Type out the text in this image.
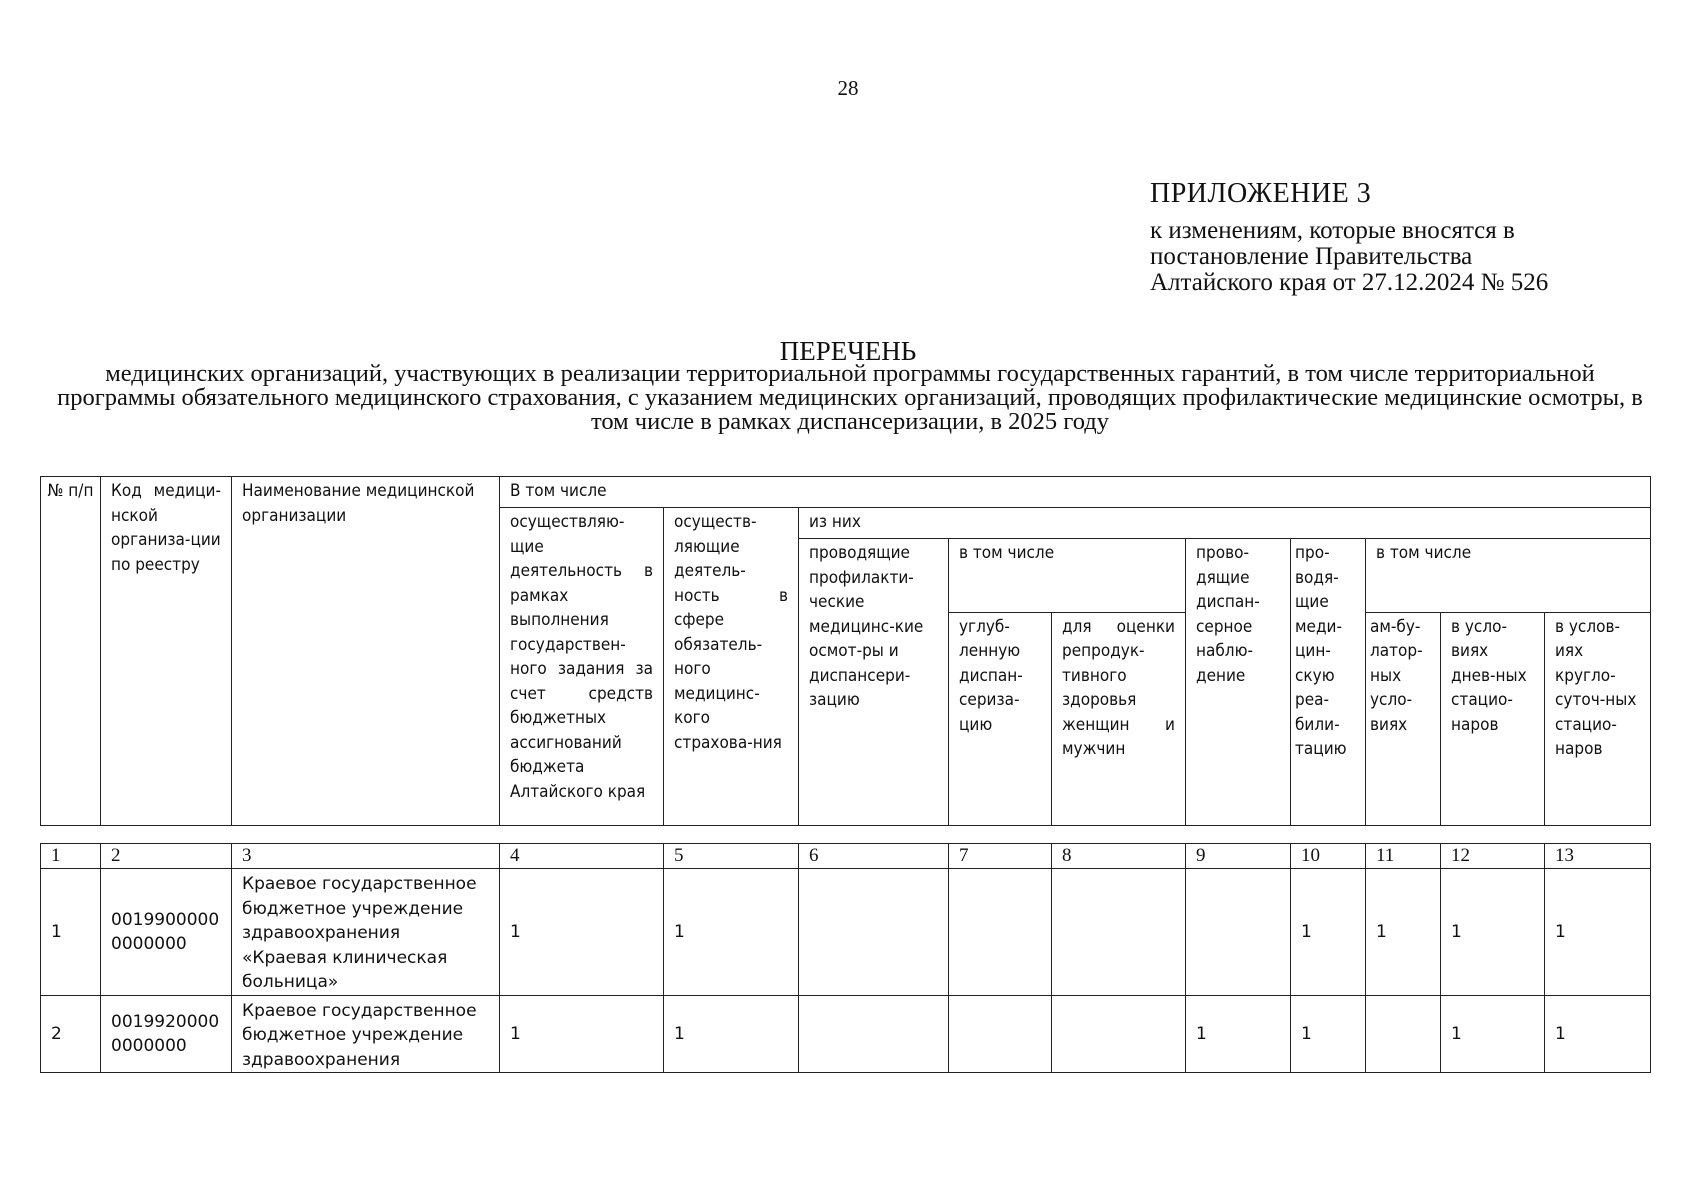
28
ПРИЛОЖЕНИЕ 3
к изменениям, которые вносятся в
постановление Правительства
Алтайского края от 27.12.2024 № 526
ПЕРЕЧЕНЬ
медицинских организаций, участвующих в реализации территориальной программы государственных гарантий, в том числе территориальной программы обязательного медицинского страхования, с указанием медицинских организаций, проводящих профилактические медицинские осмотры, в том числе в рамках диспансеризации, в 2025 году
№ п/п	Код медици-нской организа-ции по реестру	Наименование медицинской организации	В том числе									
			осуществляю-щие деятельность в рамках выполнения государствен-ного задания за счет средств бюджетных ассигнований бюджета Алтайского края	осуществ-ляющие деятель-ность в сфере обязатель-ного медицинс-кого страхова-ния	из них							
					проводящие профилакти-ческие медицинс-кие осмот-ры и диспансери-зацию	в том числе		прово-дящие диспан-серное наблю-дение	про-водя-щие меди-цин-скую реа-били-тацию	в том числе		
						углуб-ленную диспан-сериза-цию	для оценки репродук-тивного здоровья женщин и мужчин			ам-бу-латор-ных усло-виях	в усло-виях днев-ных стацио-наров	в услов-иях кругло-суточ-ных стацио-наров
1	2	3	4	5	6	7	8	9	10	11	12	13
1	0019900000 0000000	Краевое государственное бюджетное учреждение здравоохранения «Краевая клиническая больница»	1	1					1	1	1	1
2	0019920000 0000000	Краевое государственное бюджетное учреждение здравоохранения	1	1				1	1		1	1
